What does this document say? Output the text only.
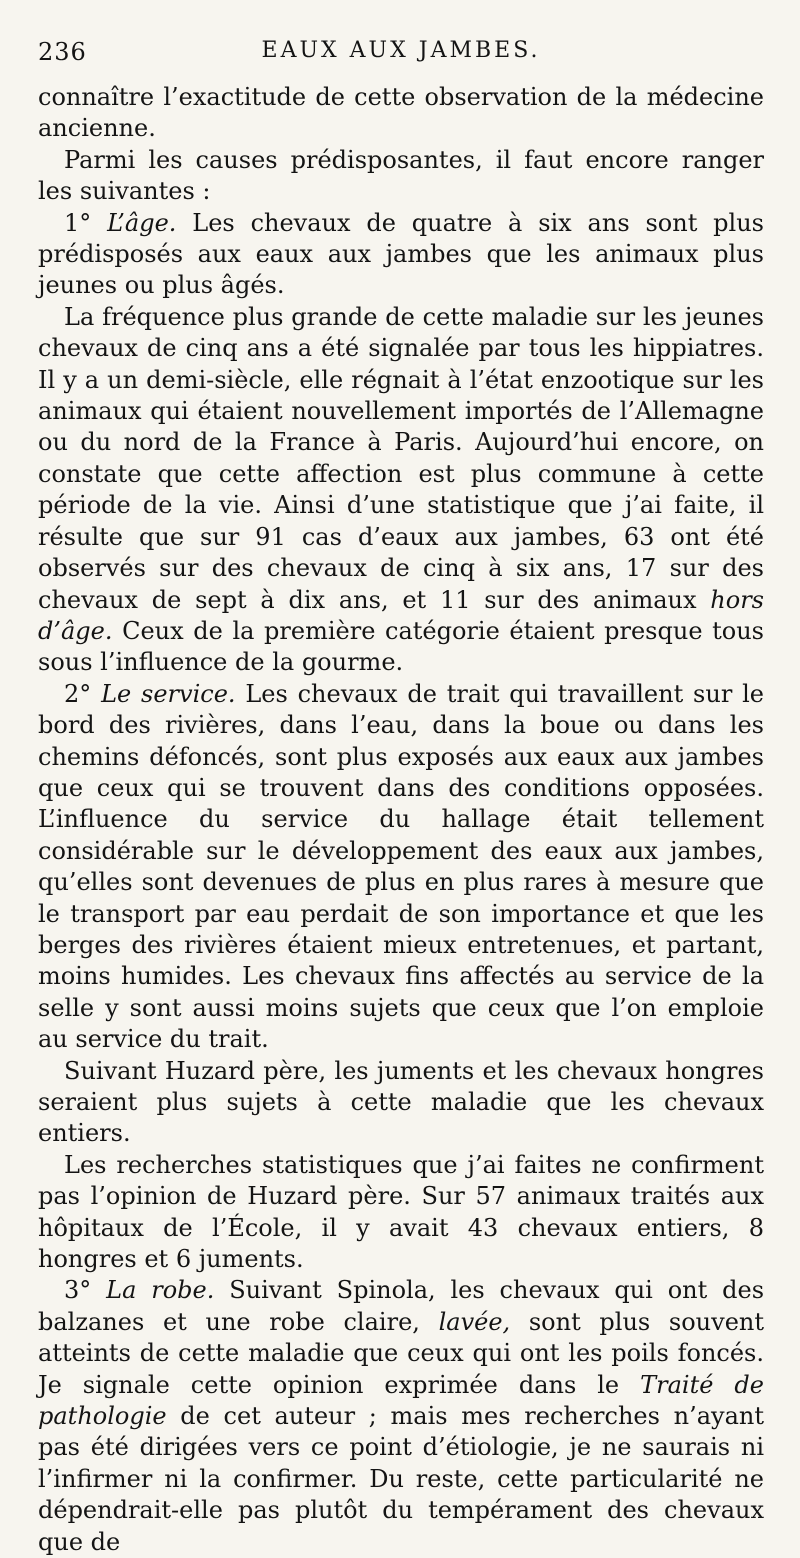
236	EAUX AUX JAMBES.

connaître l’exactitude de cette observation de la médecine ancienne.

Parmi les causes prédisposantes, il faut encore ranger les suivantes :

1° L’âge. Les chevaux de quatre à six ans sont plus prédisposés aux eaux aux jambes que les animaux plus jeunes ou plus âgés.

La fréquence plus grande de cette maladie sur les jeunes chevaux de cinq ans a été signalée par tous les hippiatres. Il y a un demi-siècle, elle régnait à l’état enzootique sur les animaux qui étaient nouvellement importés de l’Allemagne ou du nord de la France à Paris. Aujourd’hui encore, on constate que cette affection est plus commune à cette période de la vie. Ainsi d’une statistique que j’ai faite, il résulte que sur 91 cas d’eaux aux jambes, 63 ont été observés sur des chevaux de cinq à six ans, 17 sur des chevaux de sept à dix ans, et 11 sur des animaux hors d’âge. Ceux de la première catégorie étaient presque tous sous l’influence de la gourme.

2° Le service. Les chevaux de trait qui travaillent sur le bord des rivières, dans l’eau, dans la boue ou dans les chemins défoncés, sont plus exposés aux eaux aux jambes que ceux qui se trouvent dans des conditions opposées. L’influence du service du hallage était tellement considérable sur le développement des eaux aux jambes, qu’elles sont devenues de plus en plus rares à mesure que le transport par eau perdait de son importance et que les berges des rivières étaient mieux entretenues, et partant, moins humides. Les chevaux fins affectés au service de la selle y sont aussi moins sujets que ceux que l’on emploie au service du trait.

Suivant Huzard père, les juments et les chevaux hongres seraient plus sujets à cette maladie que les chevaux entiers.

Les recherches statistiques que j’ai faites ne confirment pas l’opinion de Huzard père. Sur 57 animaux traités aux hôpitaux de l’École, il y avait 43 chevaux entiers, 8 hongres et 6 juments.

3° La robe. Suivant Spinola, les chevaux qui ont des balzanes et une robe claire, lavée, sont plus souvent atteints de cette maladie que ceux qui ont les poils foncés. Je signale cette opinion exprimée dans le Traité de pathologie de cet auteur ; mais mes recherches n’ayant pas été dirigées vers ce point d’étiologie, je ne saurais ni l’infirmer ni la confirmer. Du reste, cette particularité ne dépendrait-elle pas plutôt du tempérament des chevaux que de
